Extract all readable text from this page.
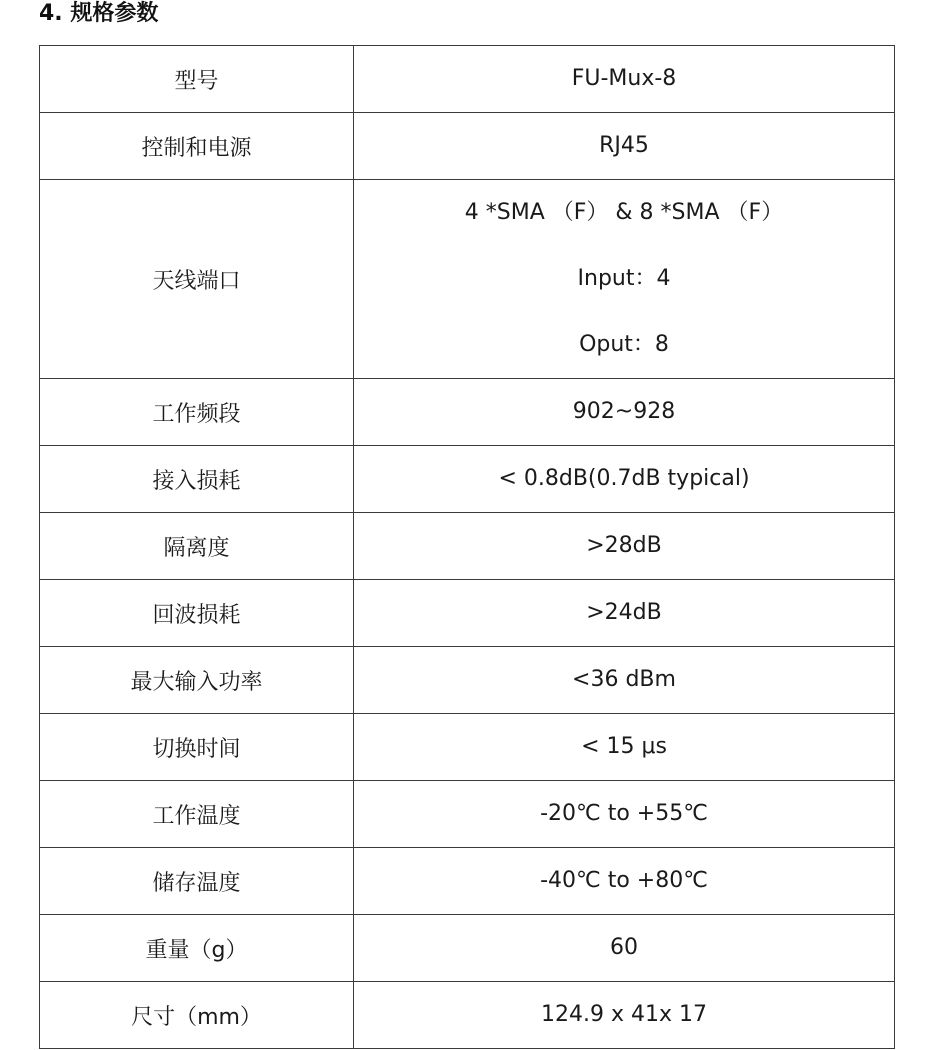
4. 规格参数
型号	FU-Mux-8

控制和电源	RJ45

天线端口	4 *SMA （F） & 8 *SMA （F）
Input：4
Oput：8

工作频段	902~928

接入损耗	< 0.8dB(0.7dB typical)

隔离度	>28dB

回波损耗	>24dB

最大输入功率	<36 dBm

切换时间	< 15 μs

工作温度	-20℃ to +55℃

储存温度	-40℃ to +80℃

重量（g）	60

尺寸（mm）	124.9 x 41x 17
